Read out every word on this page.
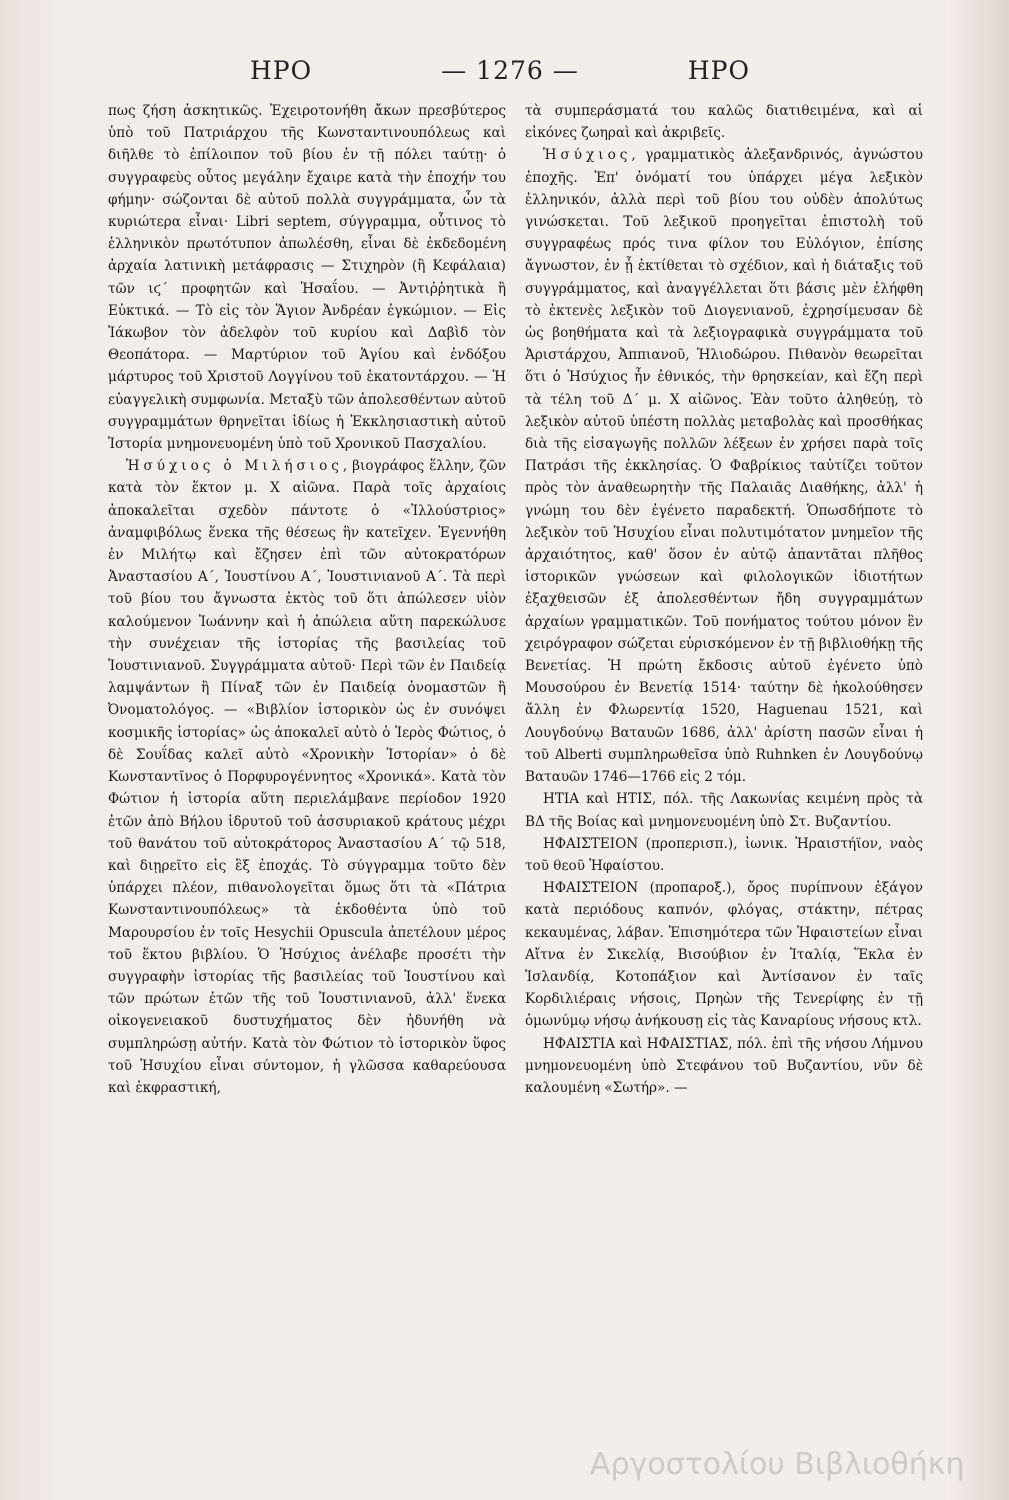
ΗΡΟ	— 1276 —	ΗΡΟ

πως ζήση ἀσκητικῶς. Ἐχειροτονήθη ἄκων πρεσβύτερος ὑπὸ τοῦ Πατριάρχου τῆς Κωνσταντινουπόλεως καὶ διῆλθε τὸ ἐπίλοιπον τοῦ βίου ἐν τῇ πόλει ταύτῃ· ὁ συγγραφεὺς οὗτος μεγάλην ἔχαιρε κατὰ τὴν ἐποχήν του φήμην· σώζονται δὲ αὐτοῦ πολλὰ συγγράμματα, ὧν τὰ κυριώτερα εἶναι· Libri septem, σύγγραμμα, οὗτινος τὸ ἑλληνικὸν πρωτότυπον ἀπωλέσθη, εἶναι δὲ ἐκδεδομένη ἀρχαία λατινικὴ μετάφρασις — Στιχηρὸν (ἢ Κεφάλαια) τῶν ιϛ΄ προφητῶν καὶ Ἡσαΐου. — Ἀντιῤῥητικὰ ἢ Εὐκτικά. — Τὸ εἰς τὸν Ἅγιον Ἀνδρέαν ἐγκώμιον. — Εἰς Ἰάκωβον τὸν ἀδελφὸν τοῦ κυρίου καὶ Δαβὶδ τὸν Θεοπάτορα. — Μαρτύριον τοῦ Ἁγίου καὶ ἐνδόξου μάρτυρος τοῦ Χριστοῦ Λογγίνου τοῦ ἑκατοντάρχου. — Ἡ εὐαγγελικὴ συμφωνία. Μεταξὺ τῶν ἀπολεσθέντων αὐτοῦ συγγραμμάτων θρηνεῖται ἰδίως ἡ Ἐκκλησιαστικὴ αὐτοῦ Ἱστορία μνημονευομένη ὑπὸ τοῦ Χρονικοῦ Πασχαλίου.

Ἡσύχιος ὁ Μιλήσιος, βιογράφος ἕλλην, ζῶν κατὰ τὸν ἕκτον μ. Χ αἰῶνα. Παρὰ τοῖς ἀρχαίοις ἀποκαλεῖται σχεδὸν πάντοτε ὁ «Ἰλλούστριος» ἀναμφιβόλως ἕνεκα τῆς θέσεως ἣν κατεῖχεν. Ἐγεννήθη ἐν Μιλήτῳ καὶ ἔζησεν ἐπὶ τῶν αὐτοκρατόρων Ἀναστασίου Α΄, Ἰουστίνου Α΄, Ἰουστινιανοῦ Α΄. Τὰ περὶ τοῦ βίου του ἄγνωστα ἐκτὸς τοῦ ὅτι ἀπώλεσεν υἱὸν καλούμενον Ἰωάννην καὶ ἡ ἀπώλεια αὕτη παρεκώλυσε τὴν συνέχειαν τῆς ἱστορίας τῆς βασιλείας τοῦ Ἰουστινιανοῦ. Συγγράμματα αὐτοῦ· Περὶ τῶν ἐν Παιδείᾳ λαμψάντων ἢ Πίναξ τῶν ἐν Παιδείᾳ ὀνομαστῶν ἢ Ὀνοματολόγος. — «Βιβλίον ἱστορικὸν ὡς ἐν συνόψει κοσμικῆς ἱστορίας» ὡς ἀποκαλεῖ αὐτὸ ὁ Ἱερὸς Φώτιος, ὁ δὲ Σουΐδας καλεῖ αὐτὸ «Χρονικὴν Ἱστορίαν» ὁ δὲ Κωνσταντῖνος ὁ Πορφυρογέννητος «Χρονικά». Κατὰ τὸν Φώτιον ἡ ἱστορία αὕτη περιελάμβανε περίοδον 1920 ἐτῶν ἀπὸ Βήλου ἱδρυτοῦ τοῦ ἀσσυριακοῦ κράτους μέχρι τοῦ θανάτου τοῦ αὐτοκράτορος Ἀναστασίου Α΄ τῷ 518, καὶ διῃρεῖτο εἰς ἓξ ἐποχάς. Τὸ σύγγραμμα τοῦτο δὲν ὑπάρχει πλέον, πιθανολογεῖται ὅμως ὅτι τὰ «Πάτρια Κωνσταντινουπόλεως» τὰ ἐκδοθέντα ὑπὸ τοῦ Μαρουρσίου ἐν τοῖς Hesychii Opuscula ἀπετέλουν μέρος τοῦ ἕκτου βιβλίου. Ὁ Ἡσύχιος ἀνέλαβε προσέτι τὴν συγγραφὴν ἱστορίας τῆς βασιλείας τοῦ Ἰουστίνου καὶ τῶν πρώτων ἐτῶν τῆς τοῦ Ἰουστινιανοῦ, ἀλλ' ἕνεκα οἰκογενειακοῦ δυστυχήματος δὲν ἠδυνήθη νὰ συμπληρώσῃ αὐτήν. Κατὰ τὸν Φώτιον τὸ ἱστορικὸν ὕφος τοῦ Ἡσυχίου εἶναι σύντομον, ἡ γλῶσσα καθαρεύουσα καὶ ἐκφραστική,

τὰ συμπεράσματά του καλῶς διατιθειμένα, καὶ αἱ εἰκόνες ζωηραὶ καὶ ἀκριβεῖς.

Ἡσύχιος, γραμματικὸς ἀλεξανδρινός, ἀγνώστου ἐποχῆς. Ἐπ' ὀνόματί του ὑπάρχει μέγα λεξικὸν ἑλληνικόν, ἀλλὰ περὶ τοῦ βίου του οὐδὲν ἀπολύτως γινώσκεται. Τοῦ λεξικοῦ προηγεῖται ἐπιστολὴ τοῦ συγγραφέως πρός τινα φίλον του Εὐλόγιον, ἐπίσης ἄγνωστον, ἐν ᾗ ἐκτίθεται τὸ σχέδιον, καὶ ἡ διάταξις τοῦ συγγράμματος, καὶ ἀναγγέλλεται ὅτι βάσις μὲν ἐλήφθη τὸ ἐκτενὲς λεξικὸν τοῦ Διογενιανοῦ, ἐχρησίμευσαν δὲ ὡς βοηθήματα καὶ τὰ λεξιογραφικὰ συγγράμματα τοῦ Ἀριστάρχου, Ἀππιανοῦ, Ἡλιοδώρου. Πιθανὸν θεωρεῖται ὅτι ὁ Ἡσύχιος ἦν ἐθνικός, τὴν θρησκείαν, καὶ ἔζη περὶ τὰ τέλη τοῦ Δ΄ μ. Χ αἰῶνος. Ἐὰν τοῦτο ἀληθεύῃ, τὸ λεξικὸν αὐτοῦ ὑπέστη πολλὰς μεταβολὰς καὶ προσθήκας διὰ τῆς εἰσαγωγῆς πολλῶν λέξεων ἐν χρήσει παρὰ τοῖς Πατράσι τῆς ἐκκλησίας. Ὁ Φαβρίκιος ταὐτίζει τοῦτον πρὸς τὸν ἀναθεωρητὴν τῆς Παλαιᾶς Διαθήκης, ἀλλ' ἡ γνώμη του δὲν ἐγένετο παραδεκτή. Ὁπωσδήποτε τὸ λεξικὸν τοῦ Ἡσυχίου εἶναι πολυτιμότατον μνημεῖον τῆς ἀρχαιότητος, καθ' ὅσον ἐν αὐτῷ ἀπαντᾶται πλῆθος ἱστορικῶν γνώσεων καὶ φιλολογικῶν ἰδιοτήτων ἐξαχθεισῶν ἐξ ἀπολεσθέντων ἤδη συγγραμμάτων ἀρχαίων γραμματικῶν. Τοῦ πονήματος τούτου μόνον ἓν χειρόγραφον σώζεται εὑρισκόμενον ἐν τῇ βιβλιοθήκῃ τῆς Βενετίας. Ἡ πρώτη ἔκδοσις αὐτοῦ ἐγένετο ὑπὸ Μουσούρου ἐν Βενετίᾳ 1514· ταύτην δὲ ἠκολούθησεν ἄλλη ἐν Φλωρεντίᾳ 1520, Haguenau 1521, καὶ Λουγδούνῳ Βαταυῶν 1686, ἀλλ' ἀρίστη πασῶν εἶναι ἡ τοῦ Alberti συμπληρωθεῖσα ὑπὸ Ruhnken ἐν Λουγδούνῳ Βαταυῶν 1746—1766 εἰς 2 τόμ.

ΗΤΙΑ καὶ ΗΤΙΣ, πόλ. τῆς Λακωνίας κειμένη πρὸς τὰ ΒΔ τῆς Βοίας καὶ μνημονευομένη ὑπὸ Στ. Βυζαντίου.

ΗΦΑΙΣΤΕΙΟΝ (προπερισπ.), ἰωνικ. Ἡραιστήϊον, ναὸς τοῦ θεοῦ Ἡφαίστου.

ΗΦΑΙΣΤΕΙΟΝ (προπαροξ.), ὄρος πυρίπνουν ἐξάγον κατὰ περιόδους καπνόν, φλόγας, στάκτην, πέτρας κεκαυμένας, λάβαν. Ἐπισημότερα τῶν Ἡφαιστείων εἶναι Αἴτνα ἐν Σικελίᾳ, Βισούβιον ἐν Ἰταλίᾳ, Ἕκλα ἐν Ἰσλανδίᾳ, Κοτοπάξιον καὶ Ἀντίσανον ἐν ταῖς Κορδιλιέραις νήσοις, Πρηὼν τῆς Τενερίφης ἐν τῇ ὁμωνύμῳ νήσῳ ἀνήκουσῃ εἰς τὰς Καναρίους νήσους κτλ.

ΗΦΑΙΣΤΙΑ καὶ ΗΦΑΙΣΤΙΑΣ, πόλ. ἐπὶ τῆς νήσου Λήμνου μνημονευομένη ὑπὸ Στεφάνου τοῦ Βυζαντίου, νῦν δὲ καλουμένη «Σωτήρ». —

Αργοστολίου Βιβλιοθήκη
